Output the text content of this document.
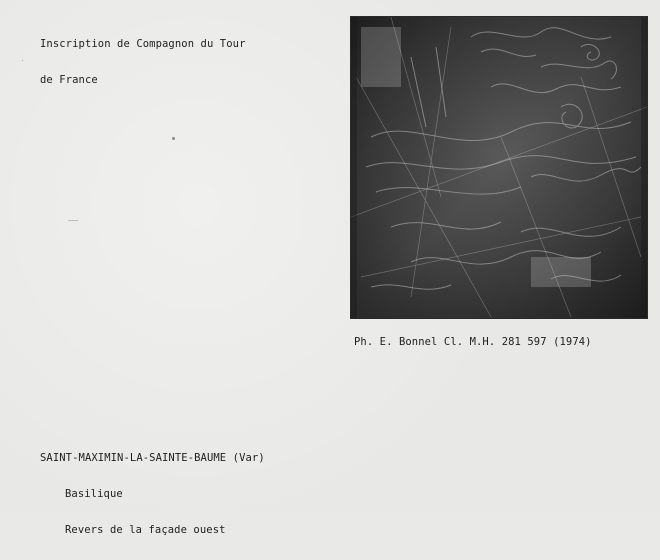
Inscription de Compagnon du Tour

de France

Ph. E. Bonnel Cl. M.H. 281 597 (1974)

SAINT-MAXIMIN-LA-SAINTE-BAUME (Var)

Basilique

Revers de la façade ouest
